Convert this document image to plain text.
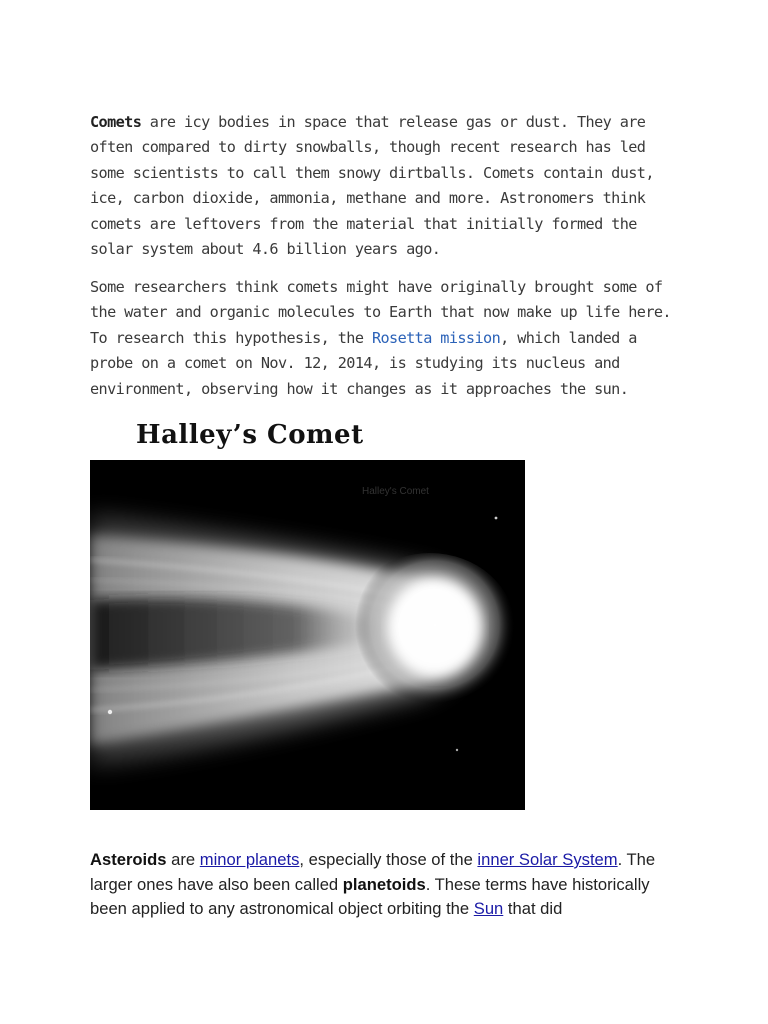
Comets are icy bodies in space that release gas or dust. They are often compared to dirty snowballs, though recent research has led some scientists to call them snowy dirtballs. Comets contain dust, ice, carbon dioxide, ammonia, methane and more. Astronomers think comets are leftovers from the material that initially formed the solar system about 4.6 billion years ago.

Some researchers think comets might have originally brought some of the water and organic molecules to Earth that now make up life here. To research this hypothesis, the Rosetta mission, which landed a probe on a comet on Nov. 12, 2014, is studying its nucleus and environment, observing how it changes as it approaches the sun.

Halley’s Comet
Halley's Comet

Asteroids are minor planets, especially those of the inner Solar System. The larger ones have also been called planetoids. These terms have historically been applied to any astronomical object orbiting the Sun that did
